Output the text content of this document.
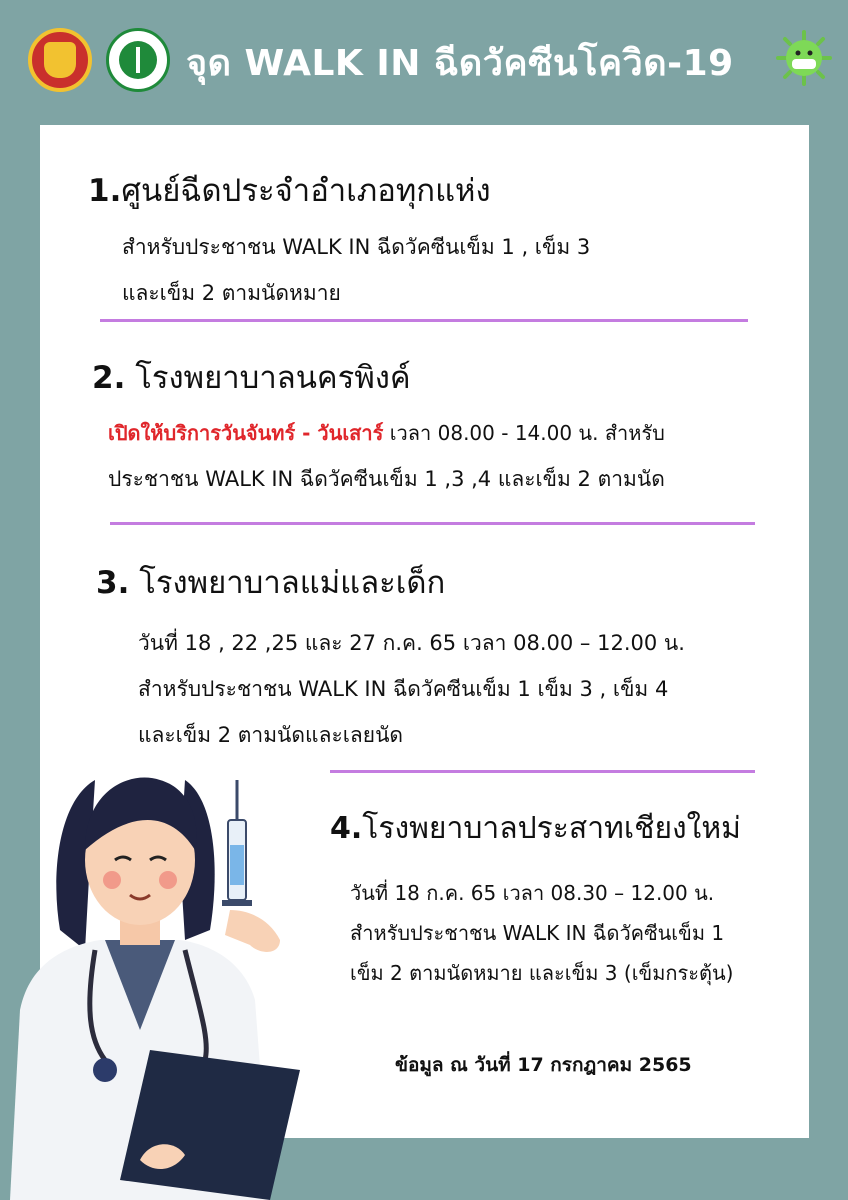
จุด WALK IN ฉีดวัคซีนโควิด-19
1.ศูนย์ฉีดประจำอำเภอทุกแห่ง
สำหรับประชาชน WALK IN ฉีดวัคซีนเข็ม 1 , เข็ม 3
และเข็ม 2 ตามนัดหมาย
2. โรงพยาบาลนครพิงค์
เปิดให้บริการวันจันทร์ - วันเสาร์ เวลา 08.00 - 14.00 น. สำหรับ
ประชาชน WALK IN ฉีดวัคซีนเข็ม 1 ,3 ,4 และเข็ม 2 ตามนัด
3. โรงพยาบาลแม่และเด็ก
วันที่ 18 , 22 ,25 และ 27 ก.ค. 65 เวลา 08.00 – 12.00 น.
สำหรับประชาชน WALK IN ฉีดวัคซีนเข็ม 1 เข็ม 3 , เข็ม 4
และเข็ม 2 ตามนัดและเลยนัด
4.โรงพยาบาลประสาทเชียงใหม่
วันที่ 18 ก.ค. 65 เวลา 08.30 – 12.00 น.
สำหรับประชาชน WALK IN ฉีดวัคซีนเข็ม 1
เข็ม 2 ตามนัดหมาย และเข็ม 3 (เข็มกระตุ้น)
ข้อมูล ณ วันที่ 17 กรกฎาคม 2565
